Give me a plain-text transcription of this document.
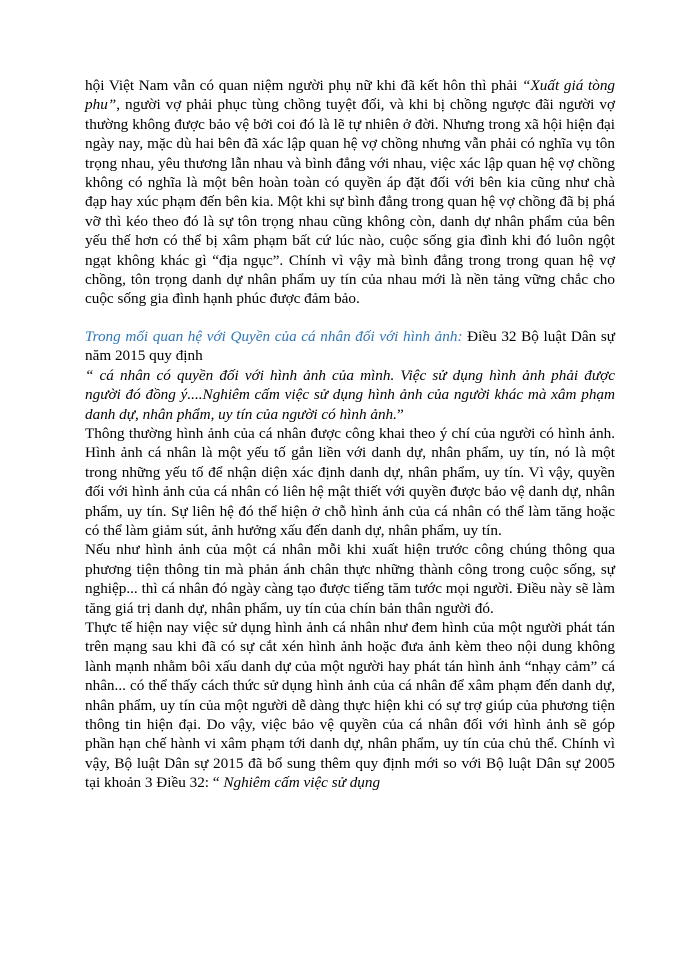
hội Việt Nam vẫn có quan niệm người phụ nữ khi đã kết hôn thì phải “Xuất giá tòng phu”, người vợ phải phục tùng chồng tuyệt đối, và khi bị chồng ngược đãi người vợ thường không được bảo vệ bởi coi đó là lẽ tự nhiên ở đời. Nhưng trong xã hội hiện đại ngày nay, mặc dù hai bên đã xác lập quan hệ vợ chồng nhưng vẫn phải có nghĩa vụ tôn trọng nhau, yêu thương lẫn nhau và bình đẳng với nhau, việc xác lập quan hệ vợ chồng không có nghĩa là một bên hoàn toàn có quyền áp đặt đối với bên kia cũng như chà đạp hay xúc phạm đến bên kia. Một khi sự bình đẳng trong quan hệ vợ chồng đã bị phá vỡ thì kéo theo đó là sự tôn trọng nhau cũng không còn, danh dự nhân phẩm của bên yếu thế hơn có thể bị xâm phạm bất cứ lúc nào, cuộc sống gia đình khi đó luôn ngột ngạt không khác gì “địa ngục”. Chính vì vậy mà bình đẳng trong trong quan hệ vợ chồng, tôn trọng danh dự nhân phẩm uy tín của nhau mới là nền tảng vững chắc cho cuộc sống gia đình hạnh phúc được đảm bảo.

Trong mối quan hệ với Quyền của cá nhân đối với hình ảnh: Điều 32 Bộ luật Dân sự năm 2015 quy định

“ cá nhân có quyền đối với hình ảnh của mình. Việc sử dụng hình ảnh phải được người đó đồng ý....Nghiêm cấm việc sử dụng hình ảnh của người khác mà xâm phạm danh dự, nhân phẩm, uy tín của người có hình ảnh.”

Thông thường hình ảnh của cá nhân được công khai theo ý chí của người có hình ảnh. Hình ảnh cá nhân là một yếu tố gắn liền với danh dự, nhân phẩm, uy tín, nó là một trong những yếu tố để nhận diện xác định danh dự, nhân phẩm, uy tín. Vì vậy, quyền đối với hình ảnh của cá nhân có liên hệ mật thiết với quyền được bảo vệ danh dự, nhân phẩm, uy tín. Sự liên hệ đó thể hiện ở chỗ hình ảnh của cá nhân có thể làm tăng hoặc có thể làm giảm sút, ảnh hưởng xấu đến danh dự, nhân phẩm, uy tín.

Nếu như hình ảnh của một cá nhân mỗi khi xuất hiện trước công chúng thông qua phương tiện thông tin mà phản ánh chân thực những thành công trong cuộc sống, sự nghiệp... thì cá nhân đó ngày càng tạo được tiếng tăm tước mọi người. Điều này sẽ làm tăng giá trị danh dự, nhân phẩm, uy tín của chín bản thân người đó.

Thực tế hiện nay việc sử dụng hình ảnh cá nhân như đem hình của một người phát tán trên mạng sau khi đã có sự cắt xén hình ảnh hoặc đưa ảnh kèm theo nội dung không lành mạnh nhằm bôi xấu danh dự của một người hay phát tán hình ảnh “nhạy cảm” cá nhân... có thể thấy cách thức sử dụng hình ảnh của cá nhân để xâm phạm đến danh dự, nhân phẩm, uy tín của một người dễ dàng thực hiện khi có sự trợ giúp của phương tiện thông tin hiện đại. Do vậy, việc bảo vệ quyền của cá nhân đối với hình ảnh sẽ góp phần hạn chế hành vi xâm phạm tới danh dự, nhân phẩm, uy tín của chủ thể. Chính vì vậy, Bộ luật Dân sự 2015 đã bổ sung thêm quy định mới so với Bộ luật Dân sự 2005 tại khoản 3 Điều 32: “ Nghiêm cấm việc sử dụng
